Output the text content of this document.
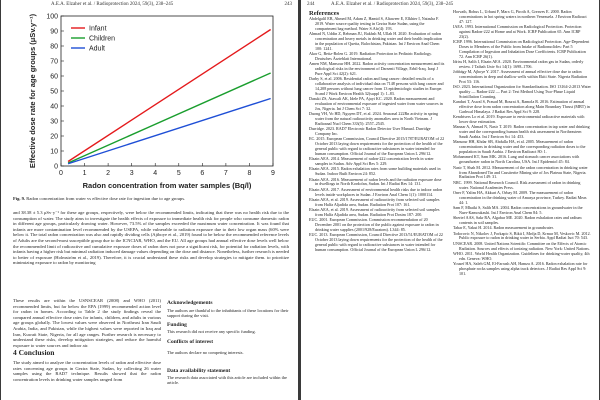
A.E.A. Elzaher et al. / Radioprotection 2024, 59(3), 238–245	243
0	1	2	3	4	5	6	7	8	9
0
10
20
30
40
50
60
70
80
90
100
Radon concentration from water samples (Bq/l)
Effective dose rate for age groups (μSv.y⁻¹)	Infant
Children
Adult
Fig. 9. Radon concentration from water vs effective dose rate for ingestion due to age groups.
and 38.38 ± 5.3 μSv·y⁻¹ for these age groups, respectively, were below the recommended limits, indicating that there was no health risk due to the consumption of water. The study aims to investigate the health effects of exposure to immediate health risk for people who consume domestic radon in different age groups, particularly drawing water. However, 73.5% of the samples exceeded the maximum water concentration. It was found that infants are more contamination level recommended by the USEPA, while vulnerable to radiation exposure due to their low organ mass (60% were below it. The total radon concentration was also and rapidly dividing cells (Ajiboye et al., 2019) found to be below the recommended reference levels of Adults are the second-most susceptible group due to the ICNCIAR, WHO, and the EU. All age groups had annual effective dose levels well below the recommended limit of radioactive and cumulative exposure doses of radon does not pose a significant risk, for potential for radiation levels, with infants having a higher risk but minimal radiation induced damage values depending on the dose and distance. Nonetheless, further research is needed to better of exposure (Holmström et al., 2019). Therefore, it is crucial understand these risks and develop strategies to mitigate them. to prioritize minimizing exposure to radon by monitoring
These results are within the USNSCEAR (2008) and WHO (2011) recommended limits, but far below the EPA (1999) recommended action level for radon in homes. According to Table 2 the study findings reveal the compared annual effective dose rates for infants, children, and adults in various age groups globally. The lowest values were observed in Northeast Iran Saudi Arabia, India, and Pakistan, while the highest values were reported in Iraq and Iran, Kuwait State, Nigeria, for all age ranges. Further research is necessary to understand these risks, develop mitigation strategies, and reduce the harmful exposure to water sources and indoor air.
4 Conclusion
The study aimed to analyze the concentration levels of radon and effective dose rates concerning age groups in Gezira State, Sudan, by collecting 26 water samples using the RAD7 technique. Results showed that the radon concentration levels in drinking water samples ranged from
Acknowledgements
The authors are thankful to the inhabitants of these locations for their support during the visit.
Funding
This research did not receive any specific funding.
Conflicts of interest
The authors declare no competing interests.
Data availability statement
The research data associated with this article are included within the article.
244	A.E.A. Elzaher et al. / Radioprotection 2024, 59(3), 238–245
References

Abdelgalil EB, Ahmed M, Adam Z, Hamid S, Altaweer E, Elkhier I, Natasha F. 2019. Water source quality testing in Gezira State Sudan, using the compartment bag method. Water S.Afr(4): 193.

Ahmad N, Uddin Z, Rehman JU, Bakhsh M, Ullah H. 2020. Evaluation of radon concentration and heavy metals in drinking water and their health implication in the population of Quetta, Balochistan, Pakistan. Int J Environ Anal Chem 100: 1241.

Akor G, Betiz-Bolen G. 2019. Radiation Protection in Pediatric Radiology. Deutsches Ärzteblatt International.

Amen NM, Mansour HH. 2022. Radon activity concentration measurement and its radiological risks in the environment of Darsenti Village, Erbil-Iraq. Iraqi J Pure Appl Sci 42(2): 621.

Darby S, et al. 2006. Residential radon and lung cancer: detailed results of a collaborative analysis of individual data on 7148 persons with lung cancer and 14,208 persons without lung cancer from 13 epidemiologic studies in Europe. Scand J Work Environ Health 32(suppl 1): 1–83.

Dasuki ZS, Atawali AK, Idele PA, Ajayi KC. 2020. Radon measurement and evaluation of environmental exposure of ingested water from water sources in Jos, Nigeria. Int J Chem Sci 7: 32.

Duong VH, Vo HD, Nguyen DT, et al. 2024. Seasonal 222Rn activity in spring water from the natural radioactivity anomalies area in North Vietnam. J Radioanal Nucl Chem 333(5): 2557–2545.

Durridge. 2023. RAD7 Electronic Radon Detector User Manual. Durridge Company Inc.

EC. 2015. European Commission, Council Directive 2015/1787/EURATOM of 22 October 2013 laying down requirements for the protection of the health of the general public with regard to radioactive substances in water intended for human consumption. Official Journal of the European Union L 296/12.

Elzain AEA. 2014. Measurement of radon-222 concentration levels in water samples in Sudan. Adv Appl Sci Res 5: 229.

Elzain AEA. 2015. Radon exhalation rates from some building materials used in Sudan. Indoor Built Environ 24: 852.

Elzain AEA. 2016. Measurement of radon levels and the radiation exposure dose in dwellings in North Kordofan, Sudan. Int J Radiat Res 14: 131.

Elzain AEA. 2017. Assessment of environmental health risks due to indoor radon levels inside workplaces in Sudan. J Environ Anal Chem 1(1): 1000114.

Elzain AEA, et al. 2019. Assessment of radioactivity from selected soil samples from Halfa Aljadida area, Sudan. Radiation Prot 107: 161.

Elzain AEA, et al. 2019. Assessment of radioactivity from selected soil samples from Halfa Aljadida area, Sudan. Radiation Prot Dosim 187: 200.

EUC. 2001. European Commission. Commission recommendation of 20 December 2001 on the protection of the public against exposure to radon in drinking water supplies (2001/928/Euratom). L344: 85.

EUC. 2013. European Commission, Council Directive 2013/51/EURATOM of 22 October 2013 laying down requirements for the protection of the health of the general public with regard to radioactive substances in water intended for human consumption. Official Journal of the European Union L 296/12.

Horvath, Bohus L, Urbani F, Marx G, Piroth A, Greaves E. 2000. Radon concentrations in hot spring waters in northern Venezuela. J Environ Radioact 47: 127.

IAEA. 1993. International Commission on Radiological Protection. Protection against Radon-222 at Home and at Work. ICRP Publication 65. Ann ICRP 23(2).

ICRP. 1996. International Commission on Radiological Protection. Age-Dependent Doses to Members of the Public from Intake of Radionuclides: Part 5 Compilation of Ingestion and Inhalation Dose Coefficients. ICRP Publication 72. Ann ICRP 26(1).

Idriss H, Salih I, Elzain AEA. 2020. Environmental radon gas in Sudan, orderly review. J Taibah Univ Sci 14(1): 1698–1706.

Jobbágy M, Ajboye Y. 2017. Assessment of annual effective dose due to radon concentrations in deep and shallow wells within Ekiti State. Nigeria Radiation Prot 53: 116.

ISO. 2023. International Organization for Standardization. ISO 13164-2:2013 Water quality — Radon-222 — Part 2: Test Method Using Two-Phase Liquid Scintillation Counting.

Kandari T, Aswal S, Prasad M, Bourai A, Ramola R. 2016. Estimation of annual effective dose from radon concentration along Main Boundary Thrust (MBT) in Garhwal Himalaya. J Radiat Res Appl Sci 9: 228.

Kendrisers Lo et al. 2019. Exposure to environmental radioactive materials with lower dose estimation.

Manzar A, Ahmad N, Nasir T. 2019. Radon concentration in tap water and drinking water and the corresponding human health risk assessment in Northeastern Saudi Arabia. Int J Environ Sci 14: 453.

Mansour HH, Khdar SB, Abdulla HA, et al. 2005. Measurement of radon concentrations in drinking water and the corresponding radiation doses to the population in Saudi Arabia. J Environ Radioact 80: 1.

Mohammed KT, Sam MK. 2016. Lung and stomach cancer associations with groundwater radon in North Carolina, USA. Int J Epidemiol 45: 84.

Nasir T, Shah M. 2012. Measurement of the radon concentration in drinking water from Abandoned Tin and Cassiterite Mining site of Jos Plateau State, Nigeria. Radiation Prot 149: 31.

NRC. 1999. National Research Council. Risk assessment of radon in drinking water. National Academies Press.

Oner F, Yalim HA, Akkurt A, Orbay M. 2009. The measurement of radon concentration in the drinking water of Amasya province, Turkey. Radiat Meas 44: 1.

Sam F, Mhaiki S, Salih MA. 2004. Radon concentrations in groundwater in the Nuer-Kamoukashi. Int J Environ Anal Chem 84: 5.

Sherief AAS, Sakr RA, Algabar ME. 2020. Radon exhalation rates and radium contents in soil samples.

Tabar E, Yakut H. 2014. Radon measurement in groundwater.

Todorovic N, Nikolov J, Forkapic S, Bikit I, Mrdja D, Krmar M, Veskovic M. 2012. Public exposure to radon in drinking water in Serbia. Appl Radiat Isot 70: 543.

UNSCEAR. 2008. United Nations Scientific Committee on the Effects of Atomic Radiation. Sources and effects of ionizing radiation. New York: United Nations.

WHO. 2011. World Health Organization. Guidelines for drinking-water quality, 4th edn. Geneva: WHO.

Yousef HA, Saleh GM, El-Farrash AH, Hamza A. 2016. Radon exhalation rate for phosphate rocks samples using alpha track detectors. J Radiat Res Appl Sci 9: 101.
